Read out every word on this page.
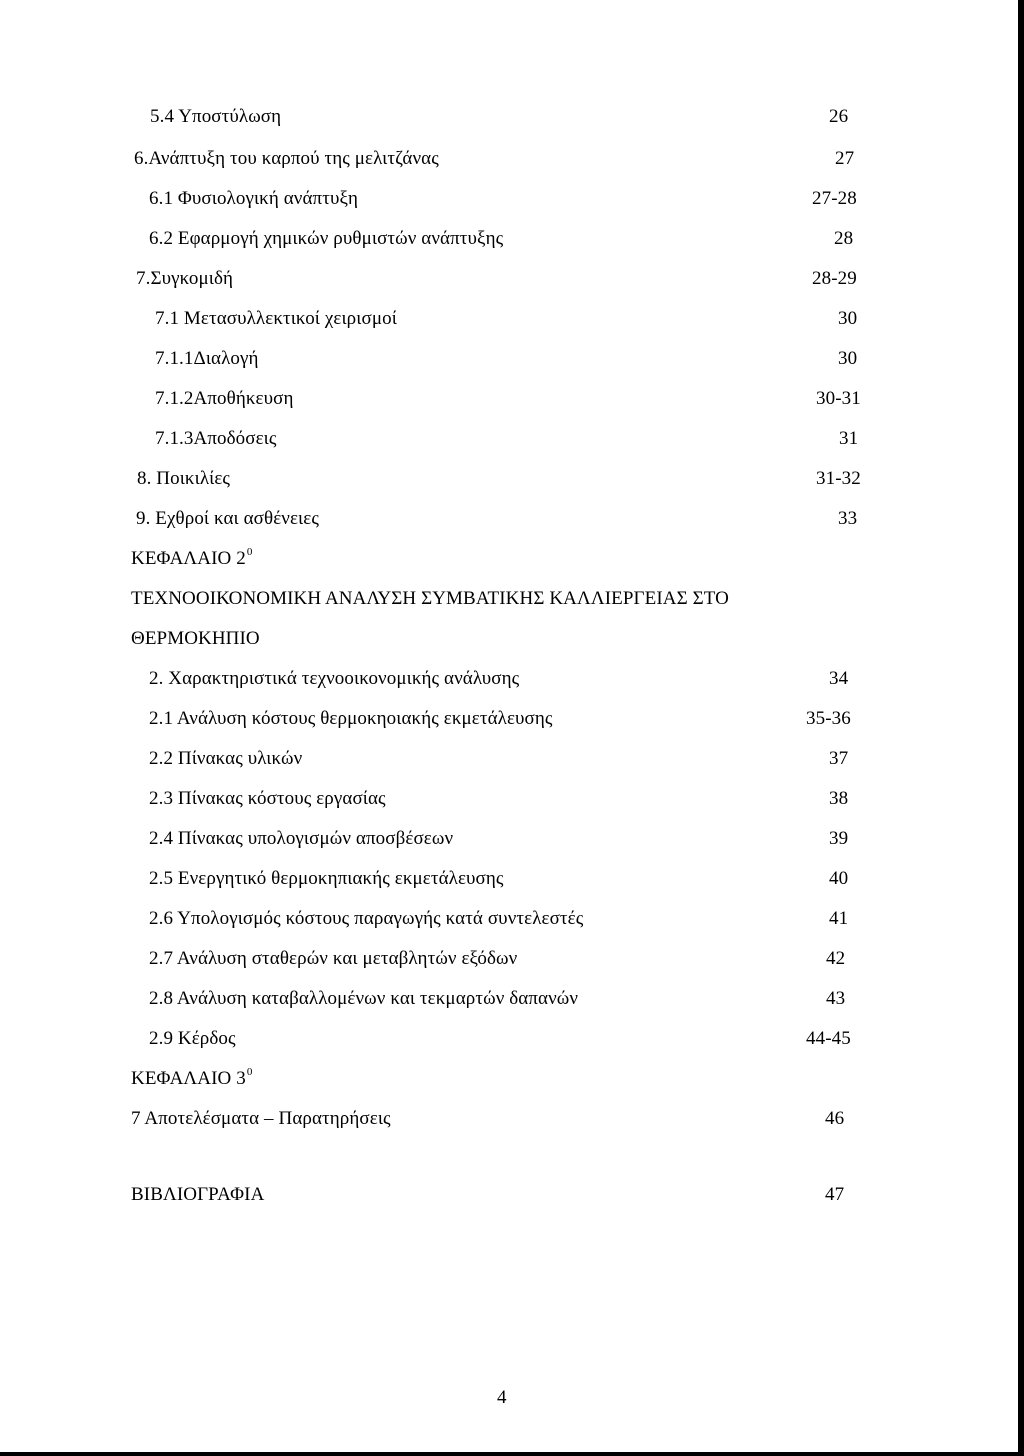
5.4 Υποστύλωση	26
6.Ανάπτυξη του καρπού της μελιτζάνας	27
6.1 Φυσιολογική ανάπτυξη	27-28
6.2 Εφαρμογή χημικών ρυθμιστών ανάπτυξης	28
7.Συγκομιδή	28-29
7.1 Μετασυλλεκτικοί χειρισμοί	30
7.1.1Διαλογή	30
7.1.2Αποθήκευση	30-31
7.1.3Αποδόσεις	31
8. Ποικιλίες	31-32
9. Εχθροί και ασθένειες	33
ΚΕΦΑΛΑΙΟ $2^0$
ΤΕΧΝΟΟΙΚΟΝΟΜΙΚΗ ΑΝΑΛΥΣΗ ΣΥΜΒΑΤΙΚΗΣ ΚΑΛΛΙΕΡΓΕΙΑΣ ΣΤΟ
ΘΕΡΜΟΚΗΠΙΟ
2. Χαρακτηριστικά τεχνοοικονομικής ανάλυσης	34
2.1 Ανάλυση κόστους θερμοκηοιακής εκμετάλευσης	35-36
2.2 Πίνακας υλικών	37
2.3 Πίνακας κόστους εργασίας	38
2.4 Πίνακας υπολογισμών αποσβέσεων	39
2.5 Ενεργητικό θερμοκηπιακής εκμετάλευσης	40
2.6 Υπολογισμός κόστους παραγωγής κατά συντελεστές	41
2.7 Ανάλυση σταθερών και μεταβλητών εξόδων	42
2.8 Ανάλυση καταβαλλομένων και τεκμαρτών δαπανών	43
2.9 Κέρδος	44-45
ΚΕΦΑΛΑΙΟ $3^0$
7 Αποτελέσματα – Παρατηρήσεις	46
ΒΙΒΛΙΟΓΡΑΦΙΑ	47
4
